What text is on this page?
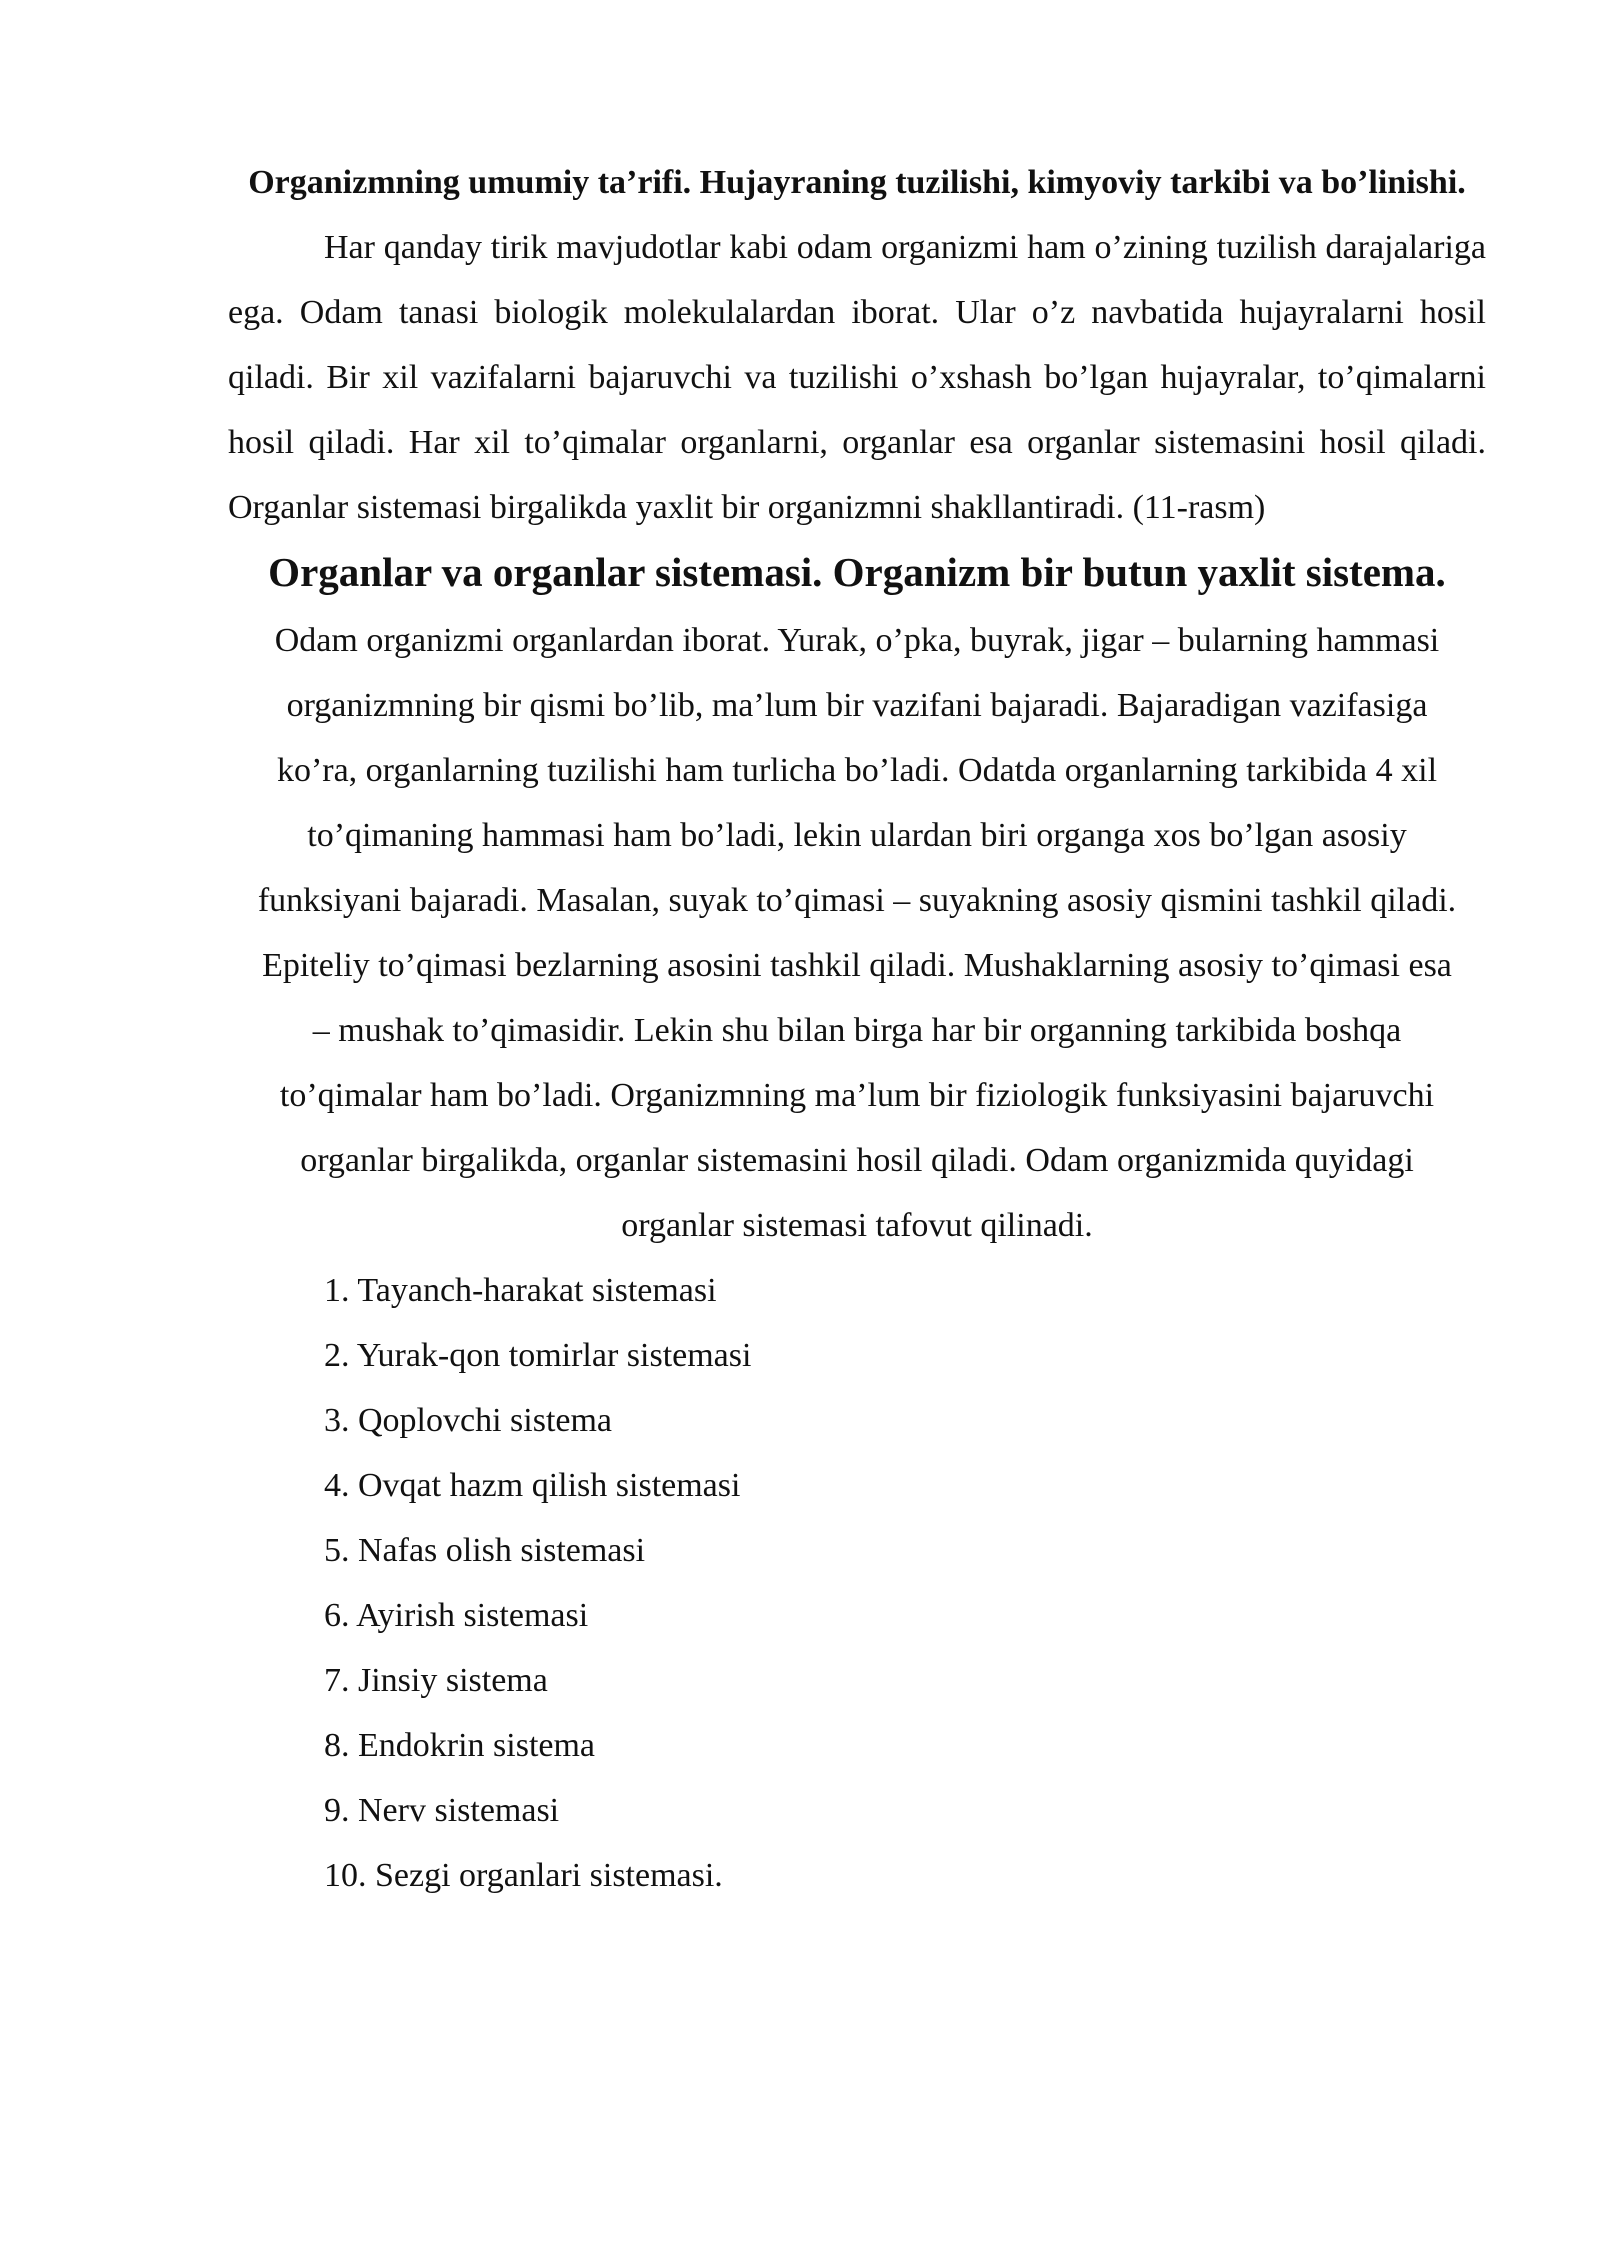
Organizmning umumiy ta’rifi. Hujayraning tuzilishi, kimyoviy tarkibi va bo’linishi.

Har qanday tirik mavjudotlar kabi odam organizmi ham o’zining tuzilish darajalariga ega. Odam tanasi biologik molekulalardan iborat. Ular o’z navbatida hujayralarni hosil qiladi. Bir xil vazifalarni bajaruvchi va tuzilishi o’xshash bo’lgan hujayralar, to’qimalarni hosil qiladi. Har xil to’qimalar organlarni, organlar esa organlar sistemasini hosil qiladi. Organlar sistemasi birgalikda yaxlit bir organizmni shakllantiradi. (11-rasm)

Organlar va organlar sistemasi. Organizm bir butun yaxlit sistema. Odam organizmi organlardan iborat. Yurak, o’pka, buyrak, jigar – bularning hammasi organizmning bir qismi bo’lib, ma’lum bir vazifani bajaradi. Bajaradigan vazifasiga ko’ra, organlarning tuzilishi ham turlicha bo’ladi. Odatda organlarning tarkibida 4 xil to’qimaning hammasi ham bo’ladi, lekin ulardan biri organga xos bo’lgan asosiy funksiyani bajaradi. Masalan, suyak to’qimasi – suyakning asosiy qismini tashkil qiladi. Epiteliy to’qimasi bezlarning asosini tashkil qiladi. Mushaklarning asosiy to’qimasi esa – mushak to’qimasidir. Lekin shu bilan birga har bir organning tarkibida boshqa to’qimalar ham bo’ladi. Organizmning ma’lum bir fiziologik funksiyasini bajaruvchi organlar birgalikda, organlar sistemasini hosil qiladi. Odam organizmida quyidagi organlar sistemasi tafovut qilinadi.

1. Tayanch-harakat sistemasi
2. Yurak-qon tomirlar sistemasi
3. Qoplovchi sistema
4. Ovqat hazm qilish sistemasi
5. Nafas olish sistemasi
6. Ayirish sistemasi
7. Jinsiy sistema
8. Endokrin sistema
9. Nerv sistemasi
10. Sezgi organlari sistemasi.
